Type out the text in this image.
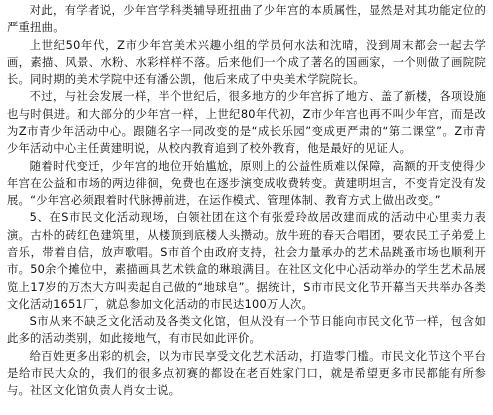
对此，有学者说，少年宫学科类辅导班扭曲了少年宫的本质属性，显然是对其功能定位的严重扭曲。

上世纪50年代，Z市少年宫美术兴趣小组的学员何水法和沈晴，没到周末都会一起去学画，素描、风景、水粉、水彩样样不落。后来他们一个成了著名的国画家，一个则做了画院院长。同时期的美术学院中还有潘公凯，他后来成了中央美术学院院长。

不过，与社会发展一样，半个世纪后，很多地方的少年宫拆了地方、盖了新楼，各项设施也与时俱进。和大部分的少年宫一样，上世纪80年代初，Z市少年宫也再不叫少年宫，而是改为Z市青少年活动中心。跟随名字一同改变的是“成长乐园”变成更严肃的“第二课堂”。Z市青少年活动中心主任黄建明说，从校内教育追到了校外教育，他是最好的见证人。

随着时代变迁，少年宫的地位开始尴尬，原则上的公益性质难以保障，高额的开支使得少年宫在公益和市场的两边徘徊，免费也在逐步演变成收费转变。黄建明坦言，不变肯定没有发展。“少年宫必须跟着时代脉搏前进，在运作模式、管理体制、教育方式上做出改变。”

5、在S市民文化活动现场，白领社团在这个有张爱玲故居改建而成的活动中心里卖力表演。古朴的砖红色建筑里，从楼顶到底楼人头攒动。放牛班的春天合唱团，要农民工子弟爱上音乐，带着自信，放声歌唱。S市首个由政府支持，社会力量承办的艺术品跳蚤市场也顺利开市。50余个摊位中，素描画具艺术铁盒的琳琅满目。在社区文化中心活动举办的学生艺术品展览上17岁的万杰大方叫卖起自己做的“地球皂”。据统计，S市市民文化节开幕当天共举办各类文化活动1651厂，就总参加文化活动的市民达100万人次。

S市从来不缺乏文化活动及各类文化馆，但从没有一个节日能向市民文化节一样，包含如此多的活动类别，如此接地气，有市民如此评价。

给百姓更多出彩的机会，以为市民享受文化艺术活动，打造零门槛。市民文化节这个平台是给市民大众的，我们的很多点初赛的都设在老百姓家门口，就是希望更多市民都能有所参与。社区文化馆负责人肖女士说。
